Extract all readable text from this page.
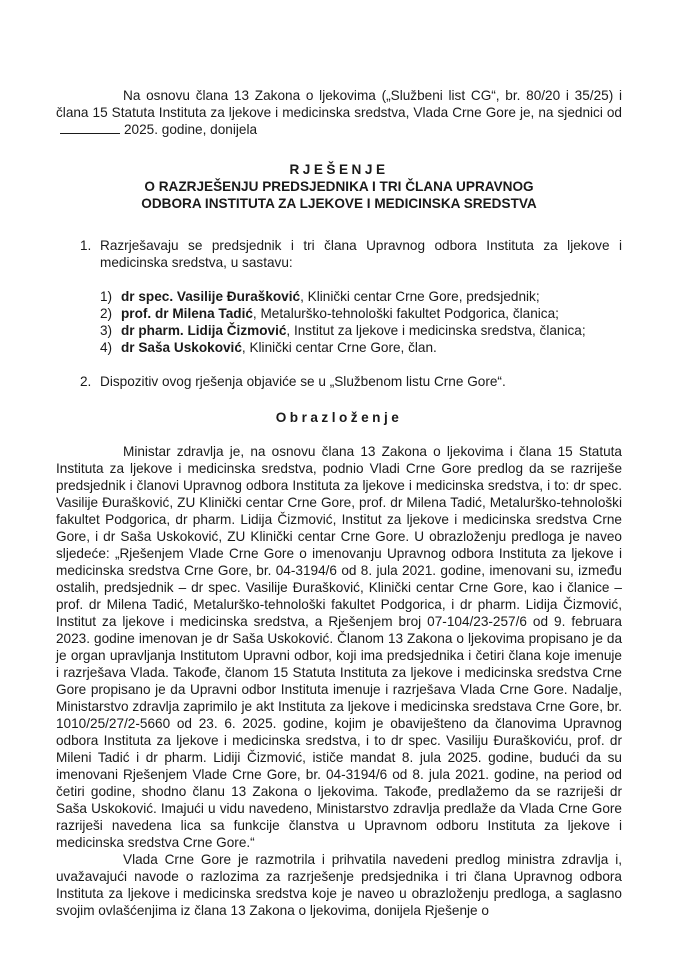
Na osnovu člana 13 Zakona o ljekovima („Službeni list CG“, br. 80/20 i 35/25) i člana 15 Statuta Instituta za ljekove i medicinska sredstva, Vlada Crne Gore je, na sjednici od2025. godine, donijela

RJEŠENJE
O RAZRJEŠENJU PREDSJEDNIKA I TRI ČLANA UPRAVNOG
ODBORA INSTITUTA ZA LJEKOVE I MEDICINSKA SREDSTVA
1. Razrješavaju se predsjednik i tri člana Upravnog odbora Instituta za ljekove i medicinska sredstva, u sastavu:
1) dr spec. Vasilije Đurašković, Klinički centar Crne Gore, predsjednik;
2) prof. dr Milena Tadić, Metalurško-tehnološki fakultet Podgorica, članica;
3) dr pharm. Lidija Čizmović, Institut za ljekove i medicinska sredstva, članica;
4) dr Saša Uskoković, Klinički centar Crne Gore, član.
2. Dispozitiv ovog rješenja objaviće se u „Službenom listu Crne Gore“.
Obrazloženje

Ministar zdravlja je, na osnovu člana 13 Zakona o ljekovima i člana 15 Statuta Instituta za ljekove i medicinska sredstva, podnio Vladi Crne Gore predlog da se razriješe predsjednik i članovi Upravnog odbora Instituta za ljekove i medicinska sredstva, i to: dr spec. Vasilije Đurašković, ZU Klinički centar Crne Gore, prof. dr Milena Tadić, Metalurško-tehnološki fakultet Podgorica, dr pharm. Lidija Čizmović, Institut za ljekove i medicinska sredstva Crne Gore, i dr Saša Uskoković, ZU Klinički centar Crne Gore. U obrazloženju predloga je naveo sljedeće: „Rješenjem Vlade Crne Gore o imenovanju Upravnog odbora Instituta za ljekove i medicinska sredstva Crne Gore, br. 04-3194/6 od 8. jula 2021. godine, imenovani su, između ostalih, predsjednik – dr spec. Vasilije Đurašković, Klinički centar Crne Gore, kao i članice – prof. dr Milena Tadić, Metalurško-tehnološki fakultet Podgorica, i dr pharm. Lidija Čizmović, Institut za ljekove i medicinska sredstva, a Rješenjem broj 07-104/23-257/6 od 9. februara 2023. godine imenovan je dr Saša Uskoković. Članom 13 Zakona o ljekovima propisano je da je organ upravljanja Institutom Upravni odbor, koji ima predsjednika i četiri člana koje imenuje i razrješava Vlada. Takođe, članom 15 Statuta Instituta za ljekove i medicinska sredstva Crne Gore propisano je da Upravni odbor Instituta imenuje i razrješava Vlada Crne Gore. Nadalje, Ministarstvo zdravlja zaprimilo je akt Instituta za ljekove i medicinska sredstava Crne Gore, br. 1010/25/27/2-5660 od 23. 6. 2025. godine, kojim je obaviješteno da članovima Upravnog odbora Instituta za ljekove i medicinska sredstva, i to dr spec. Vasiliju Đuraškoviću, prof. dr Mileni Tadić i dr pharm. Lidiji Čizmović, ističe mandat 8. jula 2025. godine, budući da su imenovani Rješenjem Vlade Crne Gore, br. 04-3194/6 od 8. jula 2021. godine, na period od četiri godine, shodno članu 13 Zakona o ljekovima. Takođe, predlažemo da se razriješi dr Saša Uskoković. Imajući u vidu navedeno, Ministarstvo zdravlja predlaže da Vlada Crne Gore razriješi navedena lica sa funkcije članstva u Upravnom odboru Instituta za ljekove i medicinska sredstva Crne Gore.“

Vlada Crne Gore je razmotrila i prihvatila navedeni predlog ministra zdravlja i, uvažavajući navode o razlozima za razrješenje predsjednika i tri člana Upravnog odbora Instituta za ljekove i medicinska sredstva koje je naveo u obrazloženju predloga, a saglasno svojim ovlašćenjima iz člana 13 Zakona o ljekovima, donijela Rješenje o
